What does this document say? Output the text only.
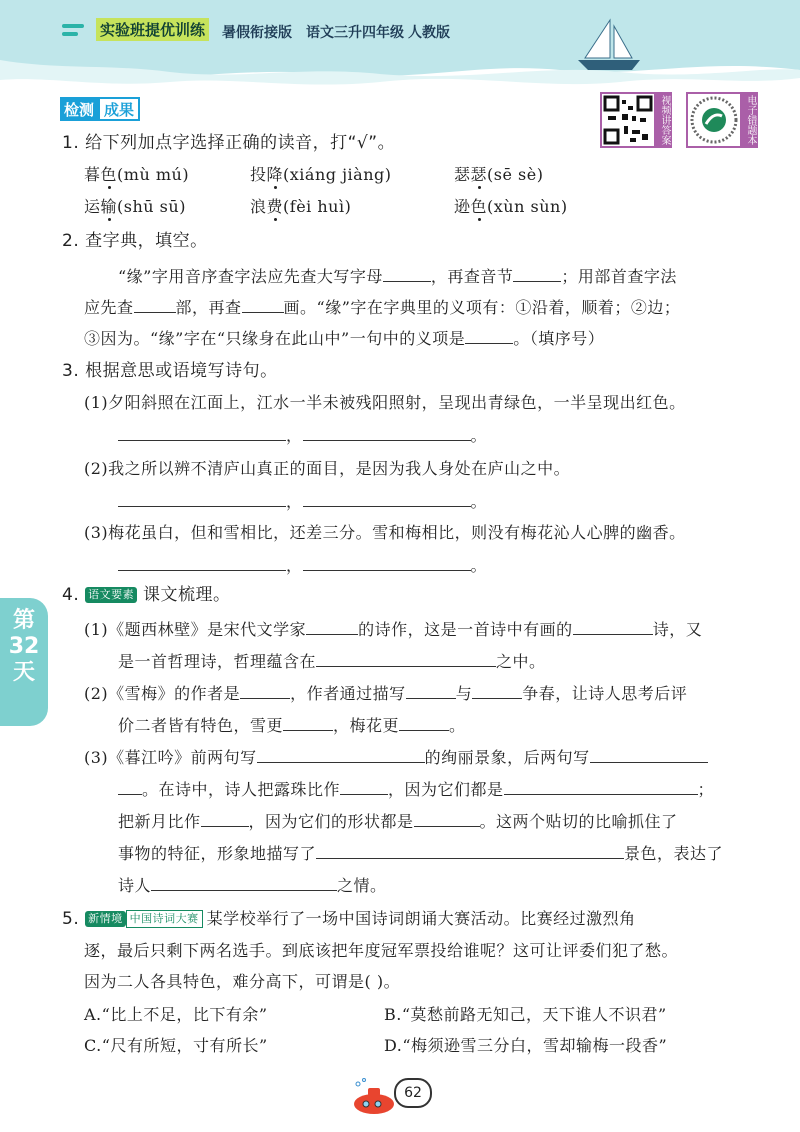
实验班提优训练 暑假衔接版 语文三升四年级 人教版
检测 成果	视频讲答案	电子错题本
1. 给下列加点字选择正确的读音，打“√”。
暮色(mù mú)	投降(xiáng jiàng)	瑟瑟(sē sè)
运输(shū sū)	浪费(fèi huì)	逊色(xùn sùn)
2. 查字典，填空。
“缘”字用音序查字法应先查大写字母	，再查音节	；用部首查字法
应先查	部，再查	画。“缘”字在字典里的义项有：①沿着，顺着；②边；
③因为。“缘”字在“只缘身在此山中”一句中的义项是	。（填序号）
3. 根据意思或语境写诗句。
(1)夕阳斜照在江面上，江水一半未被残阳照射，呈现出青绿色，一半呈现出红色。
，	。
(2)我之所以辨不清庐山真正的面目，是因为我人身处在庐山之中。
，	。
(3)梅花虽白，但和雪相比，还差三分。雪和梅相比，则没有梅花沁人心脾的幽香。
，	。
第
32
天
4. 语文要素 课文梳理。
(1)《题西林壁》是宋代文学家	的诗作，这是一首诗中有画的	诗，又
是一首哲理诗，哲理蕴含在	之中。
(2)《雪梅》的作者是	，作者通过描写	与	争春，让诗人思考后评
价二者皆有特色，雪更	，梅花更	。
(3)《暮江吟》前两句写	的绚丽景象，后两句写
。在诗中，诗人把露珠比作	，因为它们都是	；
把新月比作	，因为它们的形状都是	。这两个贴切的比喻抓住了
事物的特征，形象地描写了	景色，表达了
诗人	之情。
5. 新情境 中国诗词大赛 某学校举行了一场中国诗词朗诵大赛活动。比赛经过激烈角
逐，最后只剩下两名选手。到底该把年度冠军票投给谁呢？这可让评委们犯了愁。
因为二人各具特色，难分高下，可谓是( )。
A.“比上不足，比下有余”	B.“莫愁前路无知己，天下谁人不识君”
C.“尺有所短，寸有所长”	D.“梅须逊雪三分白，雪却输梅一段香”
62
